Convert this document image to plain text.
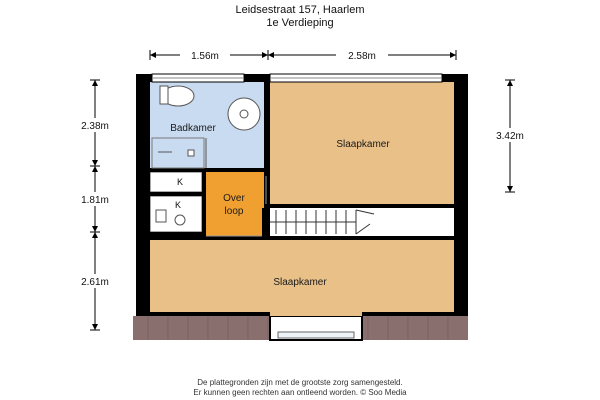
Leidsestraat 157, Haarlem
1e Verdieping
1.56m	2.58m
2.38m
1.81m
2.61m
3.42m
Badkamer
Slaapkamer
Slaapkamer
Over
loop
K
K
De plattegronden zijn met de grootste zorg samengesteld.
Er kunnen geen rechten aan ontleend worden. © Soo Media
